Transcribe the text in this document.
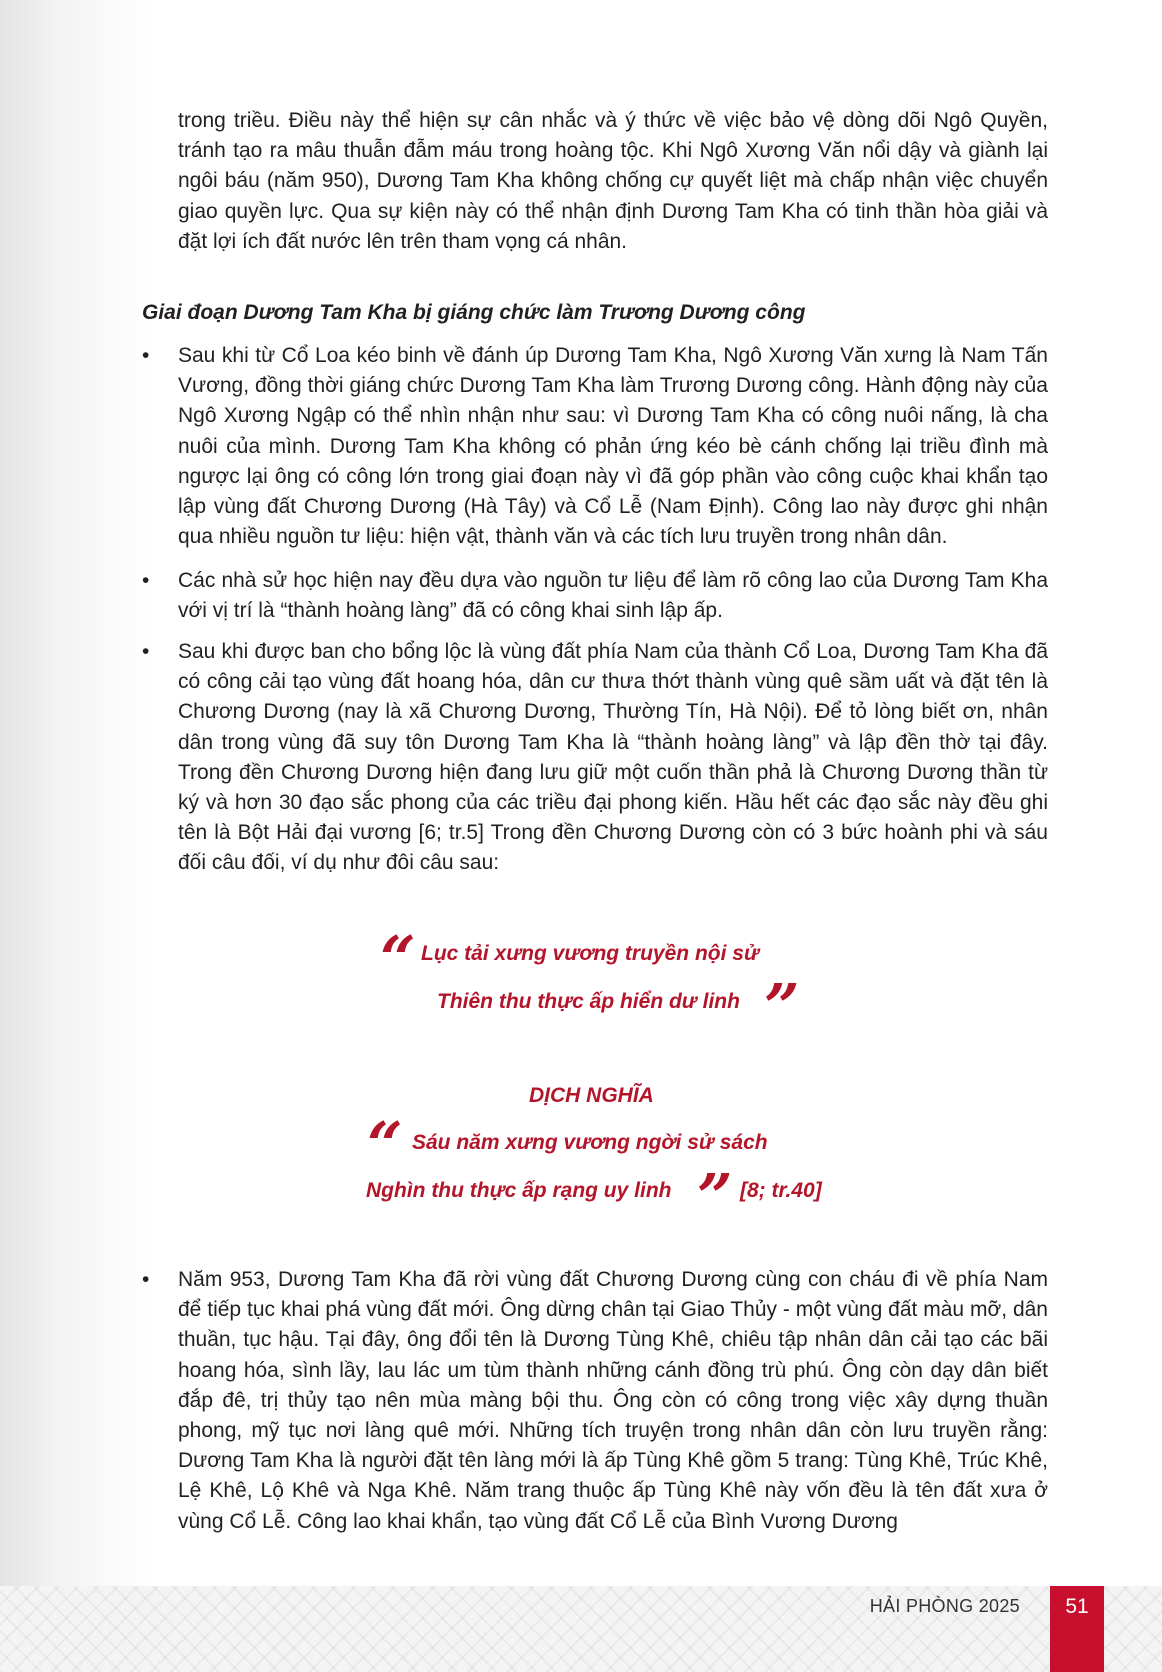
trong triều. Điều này thể hiện sự cân nhắc và ý thức về việc bảo vệ dòng dõi Ngô Quyền, tránh tạo ra mâu thuẫn đẫm máu trong hoàng tộc. Khi Ngô Xương Văn nổi dậy và giành lại ngôi báu (năm 950), Dương Tam Kha không chống cự quyết liệt mà chấp nhận việc chuyển giao quyền lực. Qua sự kiện này có thể nhận định Dương Tam Kha có tinh thần hòa giải và đặt lợi ích đất nước lên trên tham vọng cá nhân.

Giai đoạn Dương Tam Kha bị giáng chức làm Trương Dương công

•	Sau khi từ Cổ Loa kéo binh về đánh úp Dương Tam Kha, Ngô Xương Văn xưng là Nam Tấn Vương, đồng thời giáng chức Dương Tam Kha làm Trương Dương công. Hành động này của Ngô Xương Ngập có thể nhìn nhận như sau: vì Dương Tam Kha có công nuôi nấng, là cha nuôi của mình. Dương Tam Kha không có phản ứng kéo bè cánh chống lại triều đình mà ngược lại ông có công lớn trong giai đoạn này vì đã góp phần vào công cuộc khai khẩn tạo lập vùng đất Chương Dương (Hà Tây) và Cổ Lễ (Nam Định). Công lao này được ghi nhận qua nhiều nguồn tư liệu: hiện vật, thành văn và các tích lưu truyền trong nhân dân.

•	Các nhà sử học hiện nay đều dựa vào nguồn tư liệu để làm rõ công lao của Dương Tam Kha với vị trí là “thành hoàng làng” đã có công khai sinh lập ấp.

•	Sau khi được ban cho bổng lộc là vùng đất phía Nam của thành Cổ Loa, Dương Tam Kha đã có công cải tạo vùng đất hoang hóa, dân cư thưa thớt thành vùng quê sầm uất và đặt tên là Chương Dương (nay là xã Chương Dương, Thường Tín, Hà Nội). Để tỏ lòng biết ơn, nhân dân trong vùng đã suy tôn Dương Tam Kha là “thành hoàng làng” và lập đền thờ tại đây. Trong đền Chương Dương hiện đang lưu giữ một cuốn thần phả là Chương Dương thần từ ký và hơn 30 đạo sắc phong của các triều đại phong kiến. Hầu hết các đạo sắc này đều ghi tên là Bột Hải đại vương [6; tr.5] Trong đền Chương Dương còn có 3 bức hoành phi và sáu đối câu đối, ví dụ như đôi câu sau:

“ Lục tải xưng vương truyền nội sử
Thiên thu thực ấp hiển dư linh ”
DỊCH NGHĨA
“ Sáu năm xưng vương ngời sử sách
Nghìn thu thực ấp rạng uy linh ” [8; tr.40]
•	Năm 953, Dương Tam Kha đã rời vùng đất Chương Dương cùng con cháu đi về phía Nam để tiếp tục khai phá vùng đất mới. Ông dừng chân tại Giao Thủy - một vùng đất màu mỡ, dân thuần, tục hậu. Tại đây, ông đổi tên là Dương Tùng Khê, chiêu tập nhân dân cải tạo các bãi hoang hóa, sình lầy, lau lác um tùm thành những cánh đồng trù phú. Ông còn dạy dân biết đắp đê, trị thủy tạo nên mùa màng bội thu. Ông còn có công trong việc xây dựng thuần phong, mỹ tục nơi làng quê mới. Những tích truyện trong nhân dân còn lưu truyền rằng: Dương Tam Kha là người đặt tên làng mới là ấp Tùng Khê gồm 5 trang: Tùng Khê, Trúc Khê, Lệ Khê, Lộ Khê và Nga Khê. Năm trang thuộc ấp Tùng Khê này vốn đều là tên đất xưa ở vùng Cổ Lễ. Công lao khai khẩn, tạo vùng đất Cổ Lễ của Bình Vương Dương

HẢI PHÒNG 2025	51
